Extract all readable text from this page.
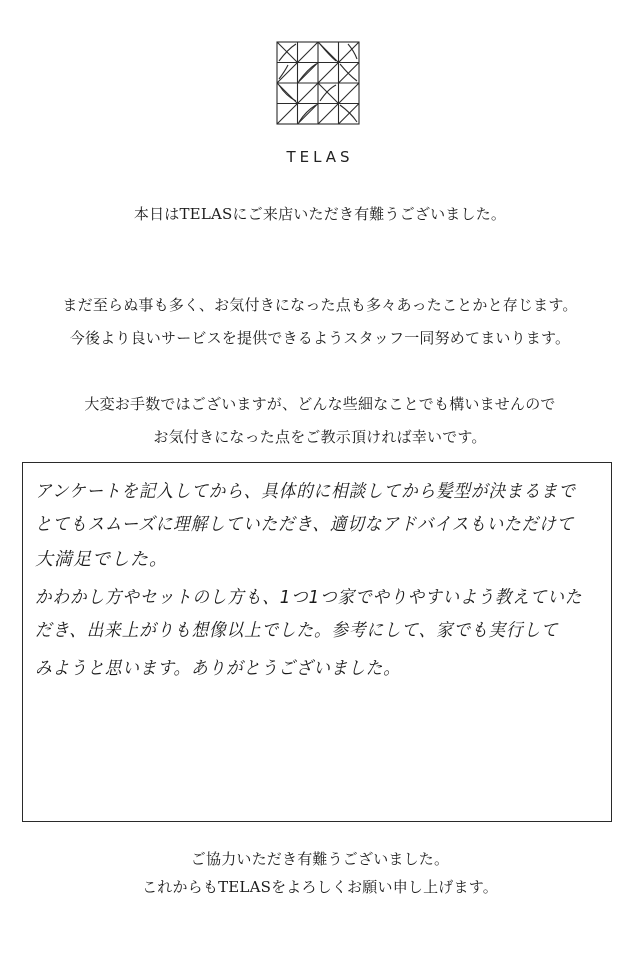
TELAS
本日はTELASにご来店いただき有難うございました。
まだ至らぬ事も多く、お気付きになった点も多々あったことかと存じます。
今後より良いサービスを提供できるようスタッフ一同努めてまいります。
大変お手数ではございますが、どんな些細なことでも構いませんので
お気付きになった点をご教示頂ければ幸いです。
アンケートを記入してから、具体的に相談してから髪型が決まるまで
とてもスムーズに理解していただき、適切なアドバイスもいただけて
大満足でした。
かわかし方やセットのし方も、1つ1つ家でやりやすいよう教えていた
だき、出来上がりも想像以上でした。参考にして、家でも実行して
みようと思います。ありがとうございました。
ご協力いただき有難うございました。
これからもTELASをよろしくお願い申し上げます。
